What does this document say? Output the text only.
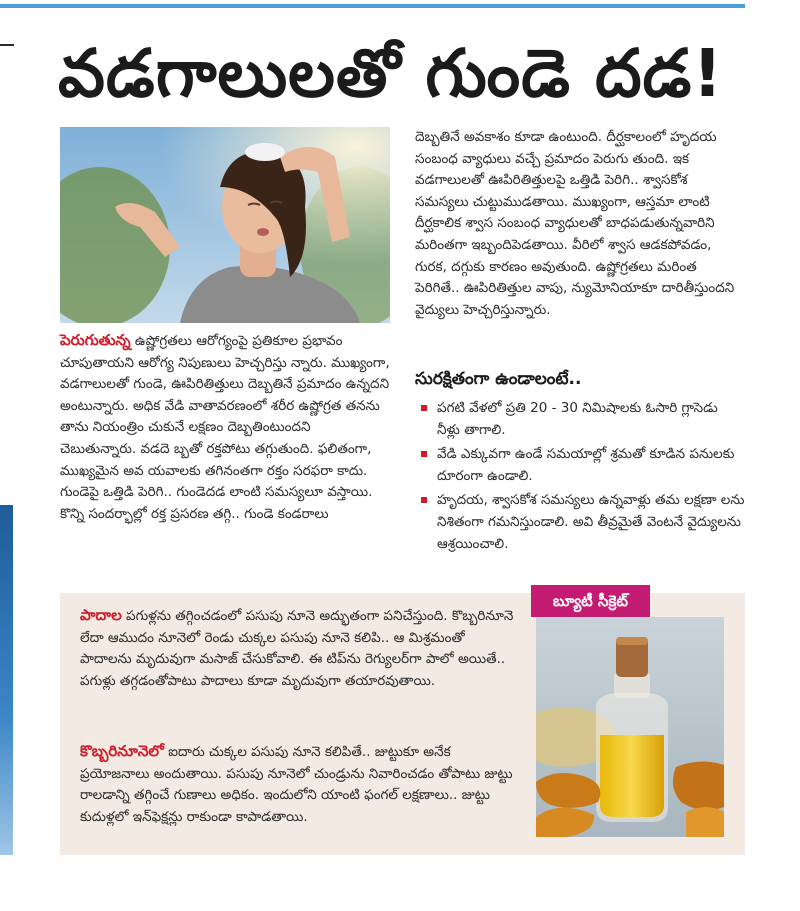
వడగాలులతో గుండె దడ!
పెరుగుతున్న ఉష్ణోగ్రతలు ఆరోగ్యంపై ప్రతికూల ప్రభావం చూపుతాయని ఆరోగ్య నిపుణులు హెచ్చరిస్తు న్నారు. ముఖ్యంగా, వడగాలులతో గుండె, ఊపిరితిత్తులు దెబ్బతినే ప్రమాదం ఉన్నదని అంటున్నారు. అధిక వేడి వాతావరణంలో శరీర ఉష్ణోగ్రత తనను తాను నియంత్రిం చుకునే లక్షణం దెబ్బతింటుందని చెబుతున్నారు. వడదె బ్బతో రక్తపోటు తగ్గుతుంది. ఫలితంగా, ముఖ్యమైన అవ యవాలకు తగినంతగా రక్తం సరఫరా కాదు. గుండెపై ఒత్తిడి పెరిగి.. గుండెదడ లాంటి సమస్యలూ వస్తాయి. కొన్ని సందర్భాల్లో రక్త ప్రసరణ తగ్గి.. గుండె కండరాలు
దెబ్బతినే అవకాశం కూడా ఉంటుంది. దీర్ఘకాలంలో హృదయ సంబంధ వ్యాధులు వచ్చే ప్రమాదం పెరుగు తుంది. ఇక వడగాలులతో ఊపిరితిత్తులపై ఒత్తిడి పెరిగి.. శ్వాసకోశ సమస్యలు చుట్టుముడతాయి. ముఖ్యంగా, ఆస్తమా లాంటి దీర్ఘకాలిక శ్వాస సంబంధ వ్యాధులతో బాధపడుతున్నవారిని మరింతగా ఇబ్బందిపెడతాయి. వీరిలో శ్వాస ఆడకపోవడం, గురక, దగ్గుకు కారణం అవుతుంది. ఉష్ణోగ్రతలు మరింత పెరిగితే.. ఊపిరితిత్తుల వాపు, న్యుమోనియాకూ దారితీస్తుందని వైద్యులు హెచ్చరిస్తున్నారు.
సురక్షితంగా ఉండాలంటే..
పగటి వేళలో ప్రతి 20 - 30 నిమిషాలకు ఓసారి గ్లాసెడు నీళ్లు తాగాలి.
వేడి ఎక్కువగా ఉండే సమయాల్లో శ్రమతో కూడిన పనులకు దూరంగా ఉండాలి.
హృదయ, శ్వాసకోశ సమస్యలు ఉన్నవాళ్లు తమ లక్షణా లను నిశితంగా గమనిస్తుండాలి. అవి తీవ్రమైతే వెంటనే వైద్యులను ఆశ్రయించాలి.
బ్యూటీ సీక్రెట్
పాదాల పగుళ్లను తగ్గించడంలో పసుపు నూనె అద్భుతంగా పనిచేస్తుంది. కొబ్బరినూనె లేదా ఆముదం నూనెలో రెండు చుక్కల పసుపు నూనె కలిపి.. ఆ మిశ్రమంతో పాదాలను మృదువుగా మసాజ్ చేసుకోవాలి. ఈ టిప్‌ను రెగ్యులర్‌గా పాలో అయితే.. పగుళ్లు తగ్గడంతోపాటు పాదాలు కూడా మృదువుగా తయారవుతాయి.
కొబ్బరినూనెలో ఐదారు చుక్కల పసుపు నూనె కలిపితే.. జుట్టుకూ అనేక ప్రయోజనాలు అందుతాయి. పసుపు నూనెలో చుండ్రును నివారించడం తోపాటు జుట్టు రాలడాన్ని తగ్గించే గుణాలు అధికం. ఇందులోని యాంటి ఫంగల్ లక్షణాలు.. జుట్టు కుదుళ్లలో ఇన్‌ఫెక్షన్లు రాకుండా కాపాడతాయి.
